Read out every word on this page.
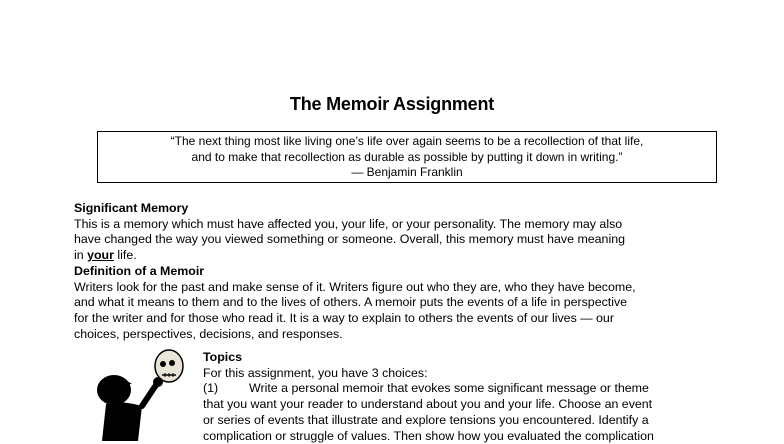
The Memoir Assignment
“The next thing most like living one’s life over again seems to be a recollection of that life,
and to make that recollection as durable as possible by putting it down in writing.”
— Benjamin Franklin
Significant Memory
This is a memory which must have affected you, your life, or your personality. The memory may also
have changed the way you viewed something or someone. Overall, this memory must have meaning
in your life.
Definition of a Memoir
Writers look for the past and make sense of it. Writers figure out who they are, who they have become,
and what it means to them and to the lives of others. A memoir puts the events of a life in perspective
for the writer and for those who read it. It is a way to explain to others the events of our lives — our
choices, perspectives, decisions, and responses.
Topics
For this assignment, you have 3 choices:
(1) Write a personal memoir that evokes some significant message or theme
that you want your reader to understand about you and your life. Choose an event
or series of events that illustrate and explore tensions you encountered. Identify a
complication or struggle of values. Then show how you evaluated the complication
